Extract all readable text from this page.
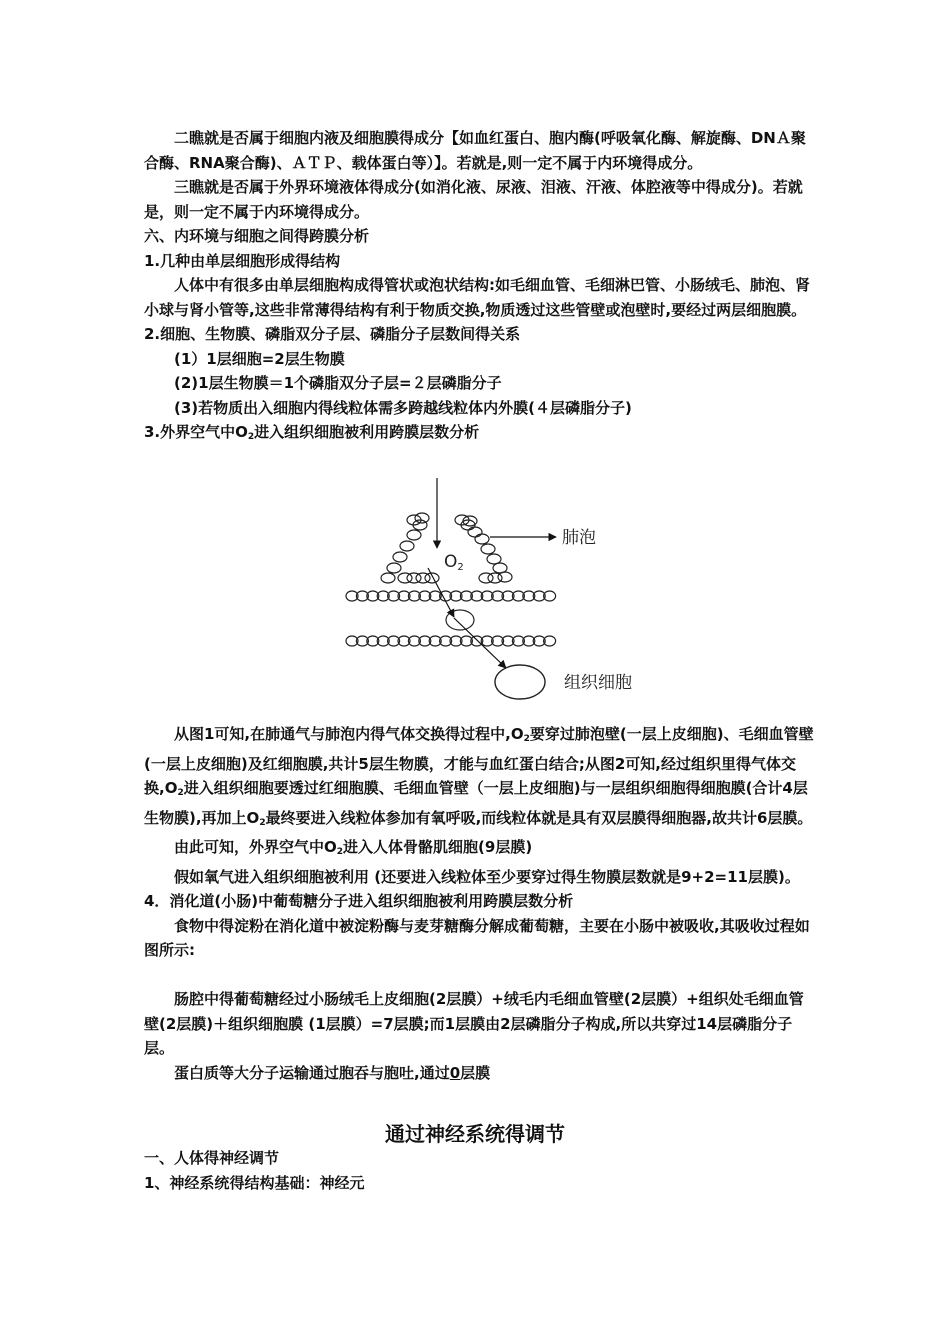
二瞧就是否属于细胞内液及细胞膜得成分【如血红蛋白、胞内酶(呼吸氧化酶、解旋酶、DNＡ聚合酶、RNA聚合酶)、ＡＴＰ、载体蛋白等）】。若就是,则一定不属于内环境得成分。

三瞧就是否属于外界环境液体得成分(如消化液、尿液、泪液、汗液、体腔液等中得成分)。若就是，则一定不属于内环境得成分。

六、内环境与细胞之间得跨膜分析

1.几种由单层细胞形成得结构

人体中有很多由单层细胞构成得管状或泡状结构:如毛细血管、毛细淋巴管、小肠绒毛、肺泡、肾小球与肾小管等,这些非常薄得结构有利于物质交换,物质透过这些管壁或泡壁时,要经过两层细胞膜。

2.细胞、生物膜、磷脂双分子层、磷脂分子层数间得关系

(1）1层细胞=2层生物膜

(2)1层生物膜＝1个磷脂双分子层=２层磷脂分子

(3)若物质出入细胞内得线粒体需多跨越线粒体内外膜(４层磷脂分子)

3.外界空气中$O_2$进入组织细胞被利用跨膜层数分析

O2
肺泡
组织细胞

从图1可知,在肺通气与肺泡内得气体交换得过程中$,O_2$要穿过肺泡壁(一层上皮细胞)、毛细血管壁(一层上皮细胞)及红细胞膜,共计5层生物膜，才能与血红蛋白结合;从图2可知,经过组织里得气体交换$,O_2$进入组织细胞要透过红细胞膜、毛细血管壁（一层上皮细胞)与一层组织细胞得细胞膜(合计4层生物膜),再加上$O_2$最终要进入线粒体参加有氧呼吸,而线粒体就是具有双层膜得细胞器,故共计6层膜。

由此可知，外界空气中$O_2$进入人体骨骼肌细胞(9层膜)

假如氧气进入组织细胞被利用 (还要进入线粒体至少要穿过得生物膜层数就是9+2=11层膜)。

4．消化道(小肠)中葡萄糖分子进入组织细胞被利用跨膜层数分析

食物中得淀粉在消化道中被淀粉酶与麦芽糖酶分解成葡萄糖，主要在小肠中被吸收,其吸收过程如图所示:

肠腔中得葡萄糖经过小肠绒毛上皮细胞(2层膜）+绒毛内毛细血管壁(2层膜）+组织处毛细血管壁(2层膜)＋组织细胞膜 (1层膜）=7层膜;而1层膜由2层磷脂分子构成,所以共穿过14层磷脂分子层。

蛋白质等大分子运输通过胞吞与胞吐,通过0层膜

通过神经系统得调节

一、人体得神经调节

1、神经系统得结构基础：神经元
